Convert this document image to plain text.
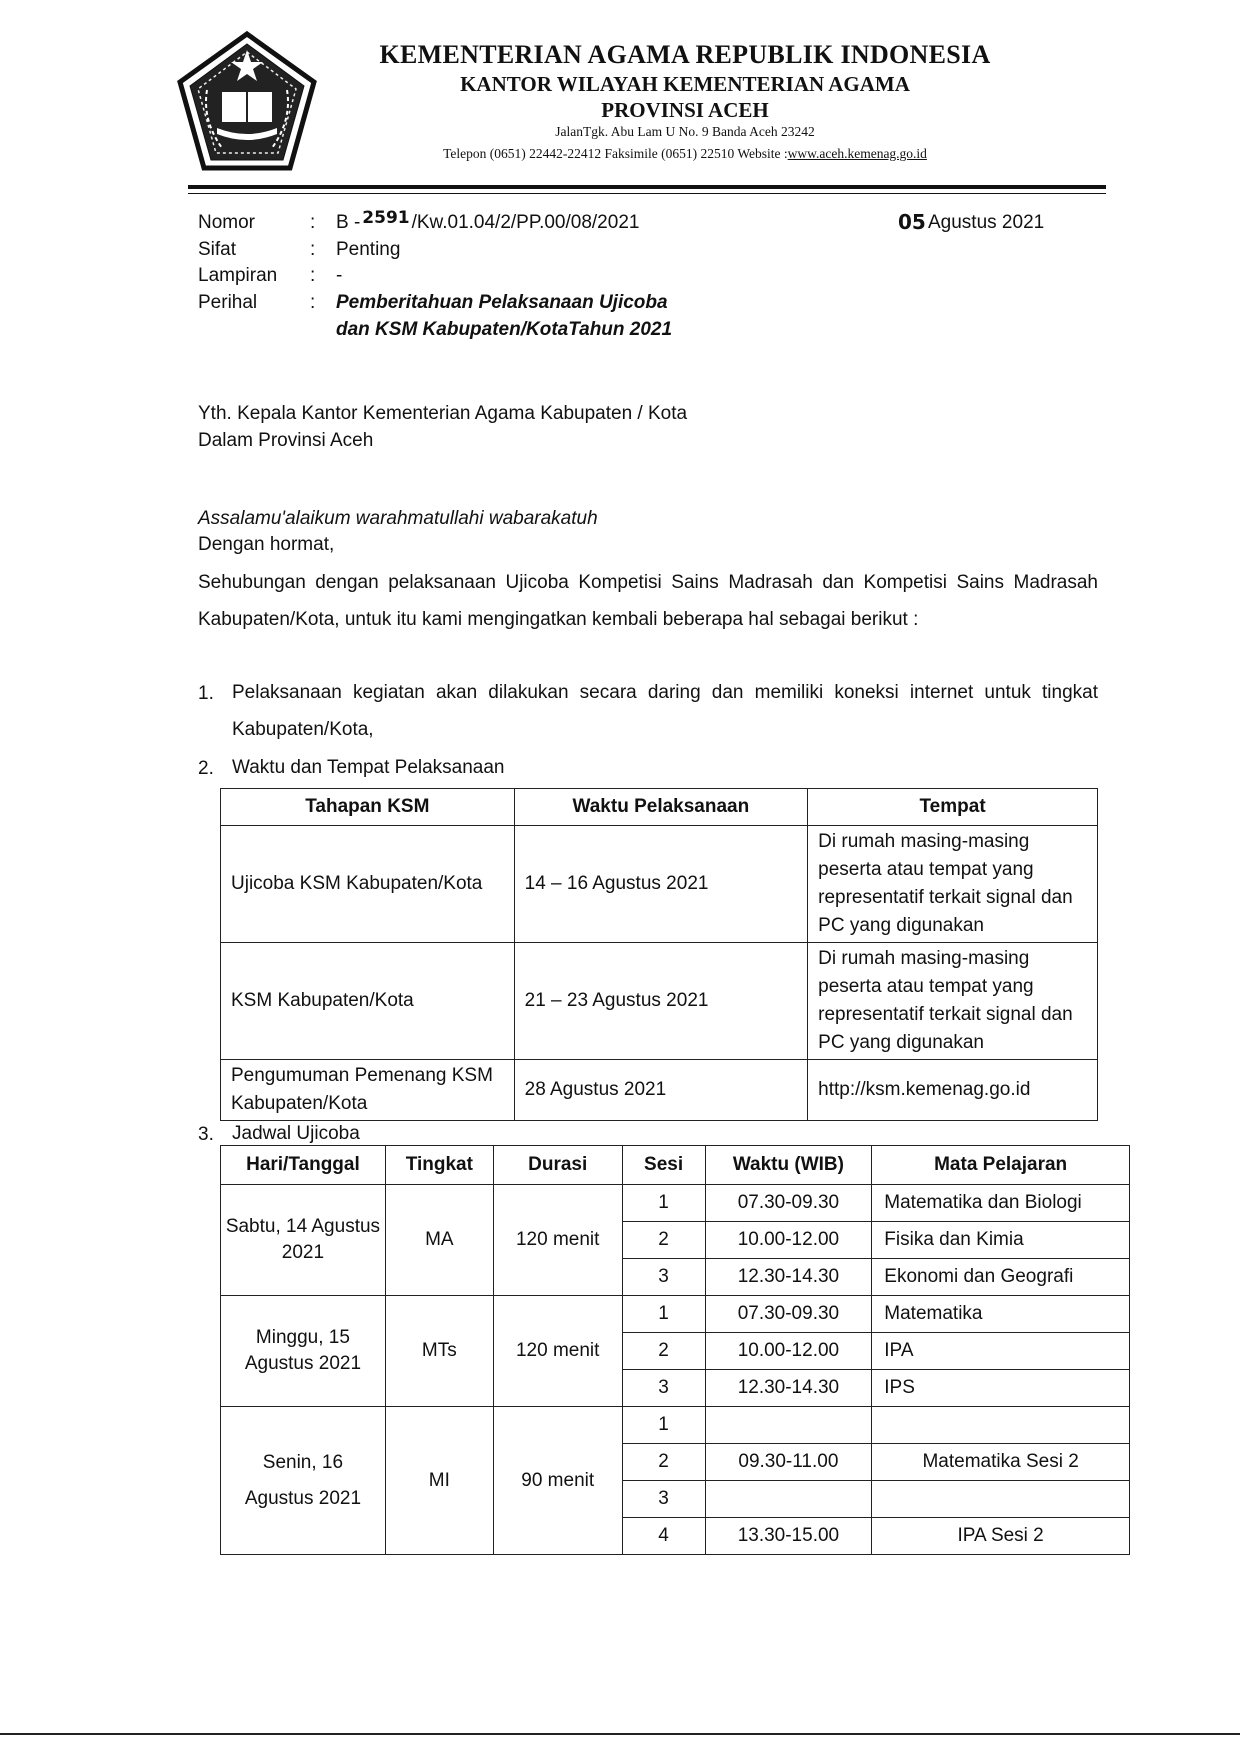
KEMENTERIAN AGAMA REPUBLIK INDONESIA
KANTOR WILAYAH KEMENTERIAN AGAMA
PROVINSI ACEH
JalanTgk. Abu Lam U No. 9 Banda Aceh 23242
Telepon (0651) 22442-22412 Faksimile (0651) 22510 Website :www.aceh.kemenag.go.id
Nomor	: B - 2591 /Kw.01.04/2/PP.00/08/2021	05 Agustus 2021
Sifat	: Penting
Lampiran : -
Perihal	: Pemberitahuan Pelaksanaan Ujicoba
dan KSM Kabupaten/KotaTahun 2021
Yth. Kepala Kantor Kementerian Agama Kabupaten / Kota
Dalam Provinsi Aceh
Assalamu'alaikum warahmatullahi wabarakatuh
Dengan hormat,
Sehubungan dengan pelaksanaan Ujicoba Kompetisi Sains Madrasah dan Kompetisi Sains Madrasah Kabupaten/Kota, untuk itu kami mengingatkan kembali beberapa hal sebagai berikut :
1. Pelaksanaan kegiatan akan dilakukan secara daring dan memiliki koneksi internet untuk tingkat Kabupaten/Kota,
2. Waktu dan Tempat Pelaksanaan
Tahapan KSM	Waktu Pelaksanaan	Tempat
Ujicoba KSM Kabupaten/Kota	14 – 16 Agustus 2021	Di rumah masing-masing peserta atau tempat yang representatif terkait signal dan PC yang digunakan
KSM Kabupaten/Kota	21 – 23 Agustus 2021	Di rumah masing-masing peserta atau tempat yang representatif terkait signal dan PC yang digunakan
Pengumuman Pemenang KSM Kabupaten/Kota	28 Agustus 2021	http://ksm.kemenag.go.id
3. Jadwal Ujicoba
Hari/Tanggal	Tingkat	Durasi	Sesi	Waktu (WIB)	Mata Pelajaran
Sabtu, 14 Agustus 2021	MA	120 menit	1	07.30-09.30	Matematika dan Biologi
			2	10.00-12.00	Fisika dan Kimia
			3	12.30-14.30	Ekonomi dan Geografi
Minggu, 15 Agustus 2021	MTs	120 menit	1	07.30-09.30	Matematika
			2	10.00-12.00	IPA
			3	12.30-14.30	IPS
Senin, 16 Agustus 2021	MI	90 menit	1		
			2	09.30-11.00	Matematika Sesi 2
			3		
			4	13.30-15.00	IPA Sesi 2
